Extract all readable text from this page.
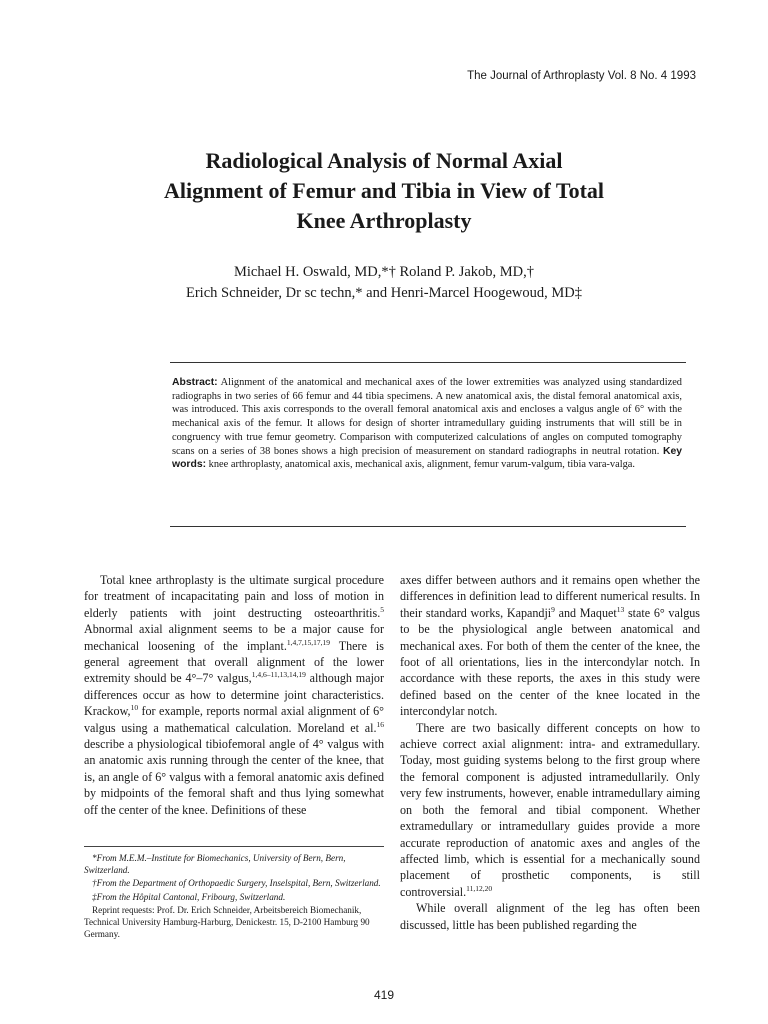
The Journal of Arthroplasty Vol. 8 No. 4 1993
Radiological Analysis of Normal Axial
Alignment of Femur and Tibia in View of Total
Knee Arthroplasty
Michael H. Oswald, MD,*† Roland P. Jakob, MD,†
Erich Schneider, Dr sc techn,* and Henri-Marcel Hoogewoud, MD‡
Abstract: Alignment of the anatomical and mechanical axes of the lower extremities was analyzed using standardized radiographs in two series of 66 femur and 44 tibia specimens. A new anatomical axis, the distal femoral anatomical axis, was introduced. This axis corresponds to the overall femoral anatomical axis and encloses a valgus angle of 6° with the mechanical axis of the femur. It allows for design of shorter intramedullary guiding instruments that will still be in congruency with true femur geometry. Comparison with computerized calculations of angles on computed tomography scans on a series of 38 bones shows a high precision of measurement on standard radiographs in neutral rotation. Key words: knee arthroplasty, anatomical axis, mechanical axis, alignment, femur varum-valgum, tibia vara-valga.

Total knee arthroplasty is the ultimate surgical procedure for treatment of incapacitating pain and loss of motion in elderly patients with joint destructing osteoarthritis.$^5$ Abnormal axial alignment seems to be a major cause for mechanical loosening of the implant.$^{1,4,7,15,17,19}$ There is general agreement that overall alignment of the lower extremity should be 4°–7° valgus,$^{1,4,6-11,13,14,19}$ although major differences occur as how to determine joint characteristics. Krackow,$^{10}$ for example, reports normal axial alignment of 6° valgus using a mathematical calculation. Moreland et al.$^{16}$ describe a physiological tibiofemoral angle of 4° valgus with an anatomic axis running through the center of the knee, that is, an angle of 6° valgus with a femoral anatomic axis defined by midpoints of the femoral shaft and thus lying somewhat off the center of the knee. Definitions of these

*From M.E.M.–Institute for Biomechanics, University of Bern, Bern, Switzerland.

†From the Department of Orthopaedic Surgery, Inselspital, Bern, Switzerland.

‡From the Hôpital Cantonal, Fribourg, Switzerland.

Reprint requests: Prof. Dr. Erich Schneider, Arbeitsbereich Biomechanik, Technical University Hamburg-Harburg, Denickestr. 15, D-2100 Hamburg 90 Germany.

axes differ between authors and it remains open whether the differences in definition lead to different numerical results. In their standard works, Kapandji$^9$ and Maquet$^{13}$ state 6° valgus to be the physiological angle between anatomical and mechanical axes. For both of them the center of the knee, the foot of all orientations, lies in the intercondylar notch. In accordance with these reports, the axes in this study were defined based on the center of the knee located in the intercondylar notch.

There are two basically different concepts on how to achieve correct axial alignment: intra- and extramedullary. Today, most guiding systems belong to the first group where the femoral component is adjusted intramedullarily. Only very few instruments, however, enable intramedullary aiming on both the femoral and tibial component. Whether extramedullary or intramedullary guides provide a more accurate reproduction of anatomic axes and angles of the affected limb, which is essential for a mechanically sound placement of prosthetic components, is still controversial.$^{11,12,20}$

While overall alignment of the leg has often been discussed, little has been published regarding the

419
